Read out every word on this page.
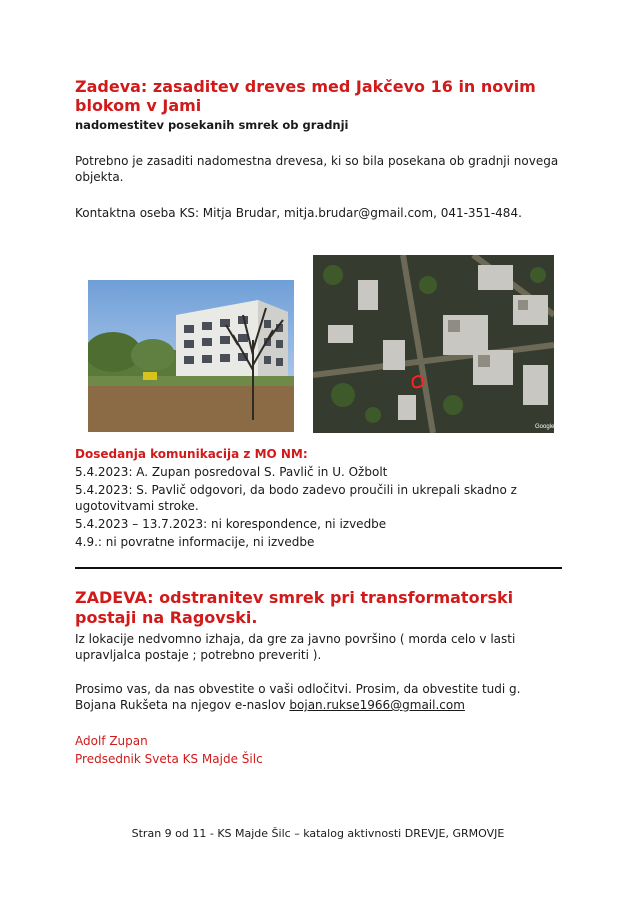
Zadeva: zasaditev dreves med Jakčevo 16 in novim blokom v Jami
nadomestitev posekanih smrek ob gradnji
Potrebno je zasaditi nadomestna drevesa, ki so bila posekana ob gradnji novega objekta.
Kontaktna oseba KS: Mitja Brudar, mitja.brudar@gmail.com, 041-351-484.
Google
Dosedanja komunikacija z MO NM:
5.4.2023: A. Zupan posredoval S. Pavlič in U. Ožbolt
5.4.2023: S. Pavlič odgovori, da bodo zadevo proučili in ukrepali skadno z ugotovitvami stroke.
5.4.2023 – 13.7.2023: ni korespondence, ni izvedbe
4.9.: ni povratne informacije, ni izvedbe
ZADEVA: odstranitev smrek pri transformatorski postaji na Ragovski.
Iz lokacije nedvomno izhaja, da gre za javno površino ( morda celo v lasti upravljalca postaje ; potrebno preveriti ).
Prosimo vas, da nas obvestite o vaši odločitvi. Prosim, da obvestite tudi g. Bojana Rukšeta na njegov e-naslov bojan.rukse1966@gmail.com
Adolf Zupan
Predsednik Sveta KS Majde Šilc
Stran 9 od 11 - KS Majde Šilc – katalog aktivnosti DREVJE, GRMOVJE
